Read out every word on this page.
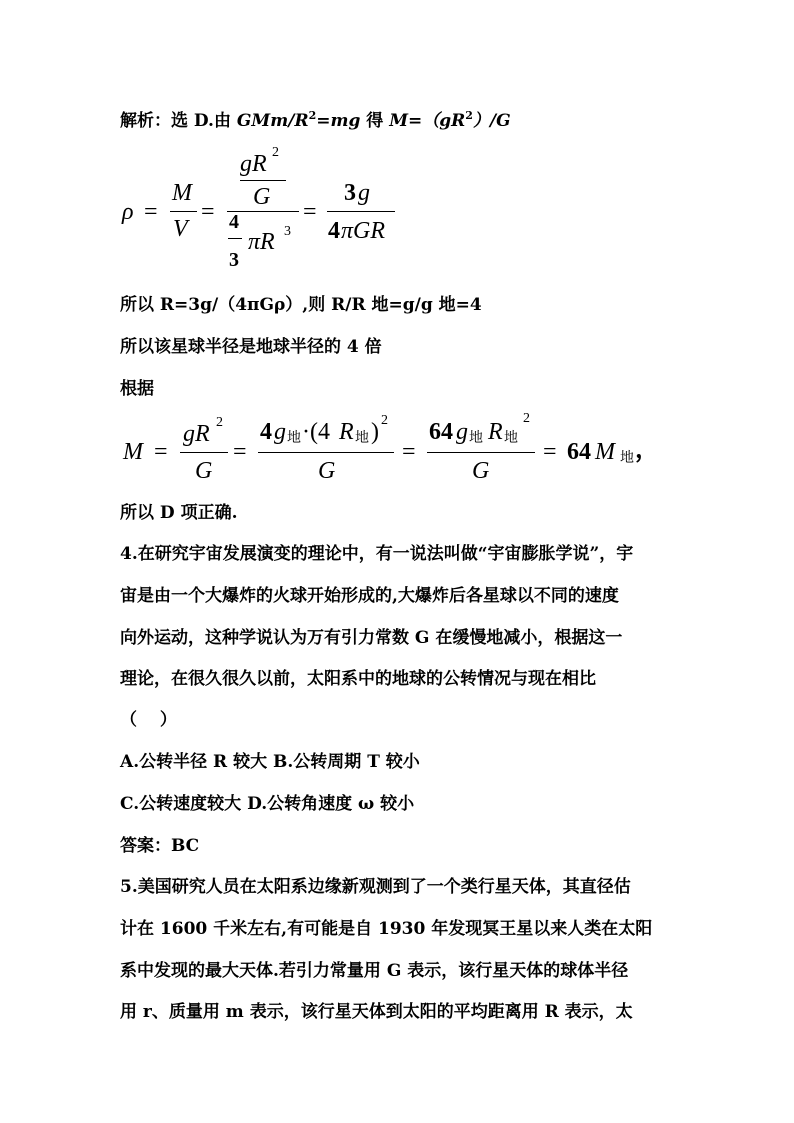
解析：选 D.由 GMm/$R^2=mg$ 得 $M=(gR^2)/G$
ρ =
M
V
=
gR 2
G
4
3
πR 3
=
3 g
4 πGR
所以 R=3g/（4πGρ）,则 R/R 地=g/g 地=4
所以该星球半径是地球半径的 4 倍
根据
M =
gR 2
G
=
4 g 地 ·(4 R 地 ) 2
G
=
64 g 地 R 地
2
G
= 64 M 地 ，
所以 D 项正确.
4.在研究宇宙发展演变的理论中，有一说法叫做“宇宙膨胀学说”，宇
宙是由一个大爆炸的火球开始形成的,大爆炸后各星球以不同的速度
向外运动，这种学说认为万有引力常数 G 在缓慢地减小，根据这一
理论，在很久很久以前，太阳系中的地球的公转情况与现在相比
（　 ）
A.公转半径 R 较大 B.公转周期 T 较小
C.公转速度较大 D.公转角速度 ω 较小
答案：BC
5.美国研究人员在太阳系边缘新观测到了一个类行星天体，其直径估
计在 1600 千米左右,有可能是自 1930 年发现冥王星以来人类在太阳
系中发现的最大天体.若引力常量用 G 表示，该行星天体的球体半径
用 r、质量用 m 表示，该行星天体到太阳的平均距离用 R 表示，太
